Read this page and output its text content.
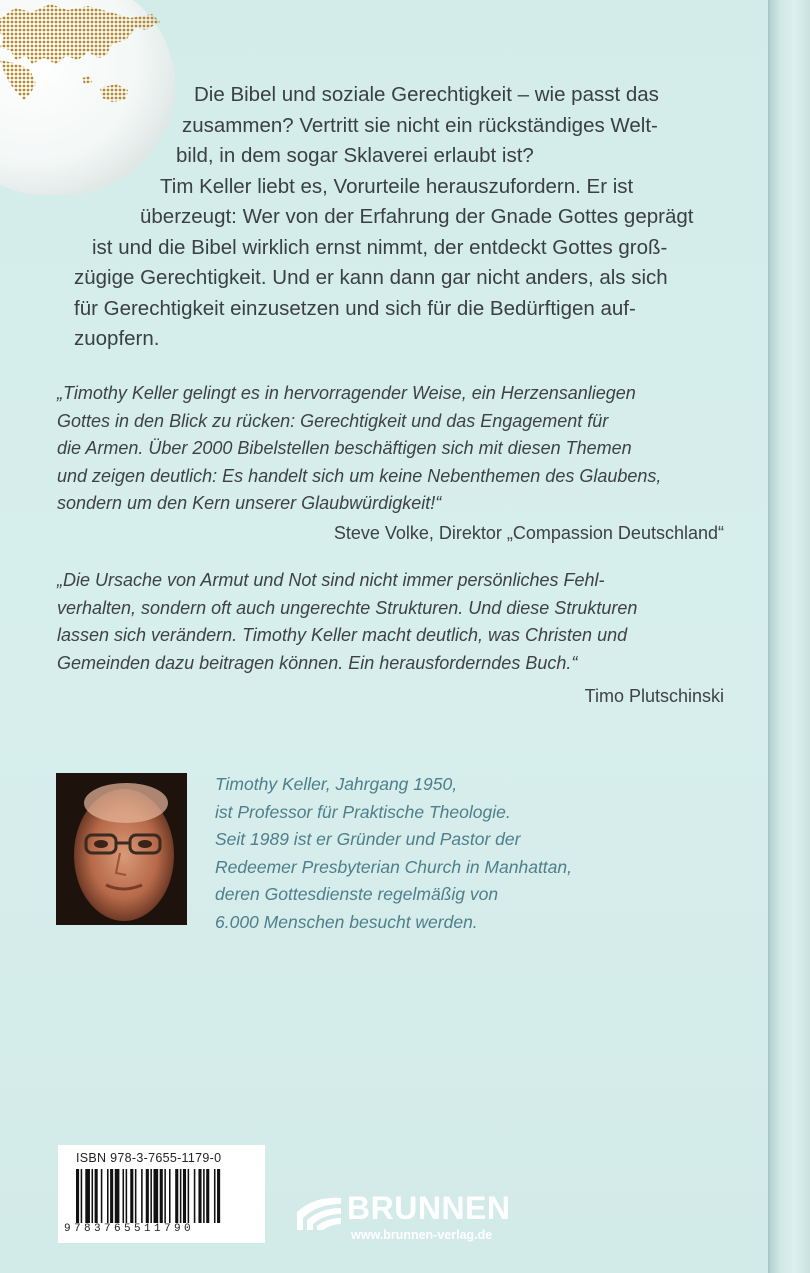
Die Bibel und soziale Gerechtigkeit – wie passt das
zusammen? Vertritt sie nicht ein rückständiges Welt-
bild, in dem sogar Sklaverei erlaubt ist?
Tim Keller liebt es, Vorurteile herauszufordern. Er ist
überzeugt: Wer von der Erfahrung der Gnade Gottes geprägt
ist und die Bibel wirklich ernst nimmt, der entdeckt Gottes groß-
zügige Gerechtigkeit. Und er kann dann gar nicht anders, als sich
für Gerechtigkeit einzusetzen und sich für die Bedürftigen auf-
zuopfern.
„Timothy Keller gelingt es in hervorragender Weise, ein Herzensanliegen
Gottes in den Blick zu rücken: Gerechtigkeit und das Engagement für
die Armen. Über 2000 Bibelstellen beschäftigen sich mit diesen Themen
und zeigen deutlich: Es handelt sich um keine Nebenthemen des Glaubens,
sondern um den Kern unserer Glaubwürdigkeit!“
Steve Volke, Direktor „Compassion Deutschland“
„Die Ursache von Armut und Not sind nicht immer persönliches Fehl-
verhalten, sondern oft auch ungerechte Strukturen. Und diese Strukturen
lassen sich verändern. Timothy Keller macht deutlich, was Christen und
Gemeinden dazu beitragen können. Ein herausforderndes Buch.“
Timo Plutschinski
Timothy Keller, Jahrgang 1950,
ist Professor für Praktische Theologie.
Seit 1989 ist er Gründer und Pastor der
Redeemer Presbyterian Church in Manhattan,
deren Gottesdienste regelmäßig von
6.000 Menschen besucht werden.
ISBN 978-3-7655-1179-0
9783765511790
BRUNNEN
www.brunnen-verlag.de
